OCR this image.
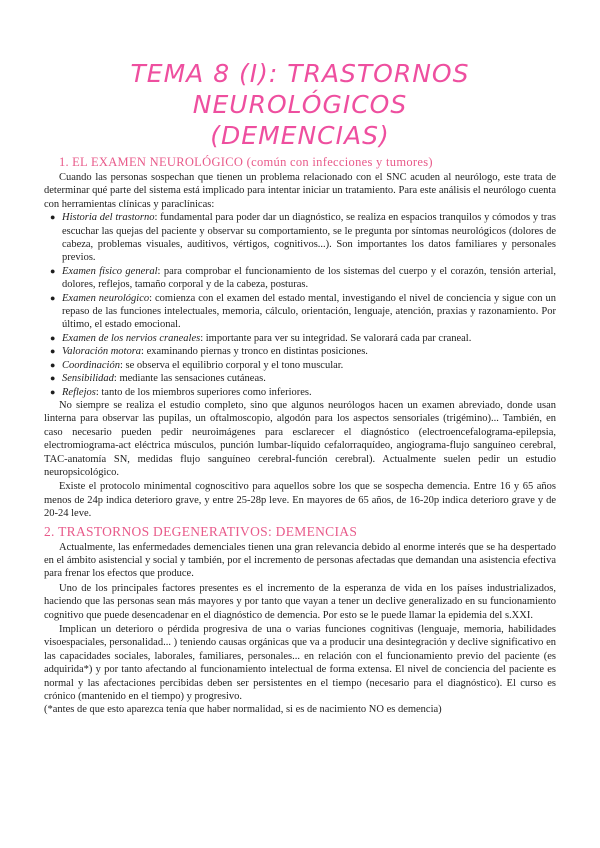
TEMA 8 (I): TRASTORNOS NEUROLÓGICOS
(DEMENCIAS)
1. EL EXAMEN NEUROLÓGICO (común con infecciones y tumores)

Cuando las personas sospechan que tienen un problema relacionado con el SNC acuden al neurólogo, este trata de determinar qué parte del sistema está implicado para intentar iniciar un tratamiento. Para este análisis el neurólogo cuenta con herramientas clínicas y paraclínicas:

● Historia del trastorno: fundamental para poder dar un diagnóstico, se realiza en espacios tranquilos y cómodos y tras escuchar las quejas del paciente y observar su comportamiento, se le pregunta por síntomas neurológicos (dolores de cabeza, problemas visuales, auditivos, vértigos, cognitivos...). Son importantes los datos familiares y personales previos.
● Examen físico general: para comprobar el funcionamiento de los sistemas del cuerpo y el corazón, tensión arterial, dolores, reflejos, tamaño corporal y de la cabeza, posturas.
● Examen neurológico: comienza con el examen del estado mental, investigando el nivel de conciencia y sigue con un repaso de las funciones intelectuales, memoria, cálculo, orientación, lenguaje, atención, praxias y razonamiento. Por último, el estado emocional.
● Examen de los nervios craneales: importante para ver su integridad. Se valorará cada par craneal.
● Valoración motora: examinando piernas y tronco en distintas posiciones.
● Coordinación: se observa el equilibrio corporal y el tono muscular.
● Sensibilidad: mediante las sensaciones cutáneas.
● Reflejos: tanto de los miembros superiores como inferiores.

No siempre se realiza el estudio completo, sino que algunos neurólogos hacen un examen abreviado, donde usan linterna para observar las pupilas, un oftalmoscopio, algodón para los aspectos sensoriales (trigémino)... También, en caso necesario pueden pedir neuroimágenes para esclarecer el diagnóstico (electroencefalograma-epilepsia, electromiograma-act eléctrica músculos, punción lumbar-líquido cefalorraquídeo, angiograma-flujo sanguíneo cerebral, TAC-anatomía SN, medidas flujo sanguíneo cerebral-función cerebral). Actualmente suelen pedir un estudio neuropsicológico.

Existe el protocolo minimental cognoscitivo para aquellos sobre los que se sospecha demencia. Entre 16 y 65 años menos de 24p indica deterioro grave, y entre 25-28p leve. En mayores de 65 años, de 16-20p indica deterioro grave y de 20-24 leve.

2. TRASTORNOS DEGENERATIVOS: DEMENCIAS

Actualmente, las enfermedades demenciales tienen una gran relevancia debido al enorme interés que se ha despertado en el ámbito asistencial y social y también, por el incremento de personas afectadas que demandan una asistencia efectiva para frenar los efectos que produce.

Uno de los principales factores presentes es el incremento de la esperanza de vida en los países industrializados, haciendo que las personas sean más mayores y por tanto que vayan a tener un declive generalizado en su funcionamiento cognitivo que puede desencadenar en el diagnóstico de demencia. Por esto se le puede llamar la epidemia del s.XXI.

Implican un deterioro o pérdida progresiva de una o varias funciones cognitivas (lenguaje, memoria, habilidades visoespaciales, personalidad... ) teniendo causas orgánicas que va a producir una desintegración y declive significativo en las capacidades sociales, laborales, familiares, personales... en relación con el funcionamiento previo del paciente (es adquirida*) y por tanto afectando al funcionamiento intelectual de forma extensa. El nivel de conciencia del paciente es normal y las afectaciones percibidas deben ser persistentes en el tiempo (necesario para el diagnóstico). El curso es crónico (mantenido en el tiempo) y progresivo.

(*antes de que esto aparezca tenía que haber normalidad, si es de nacimiento NO es demencia)
